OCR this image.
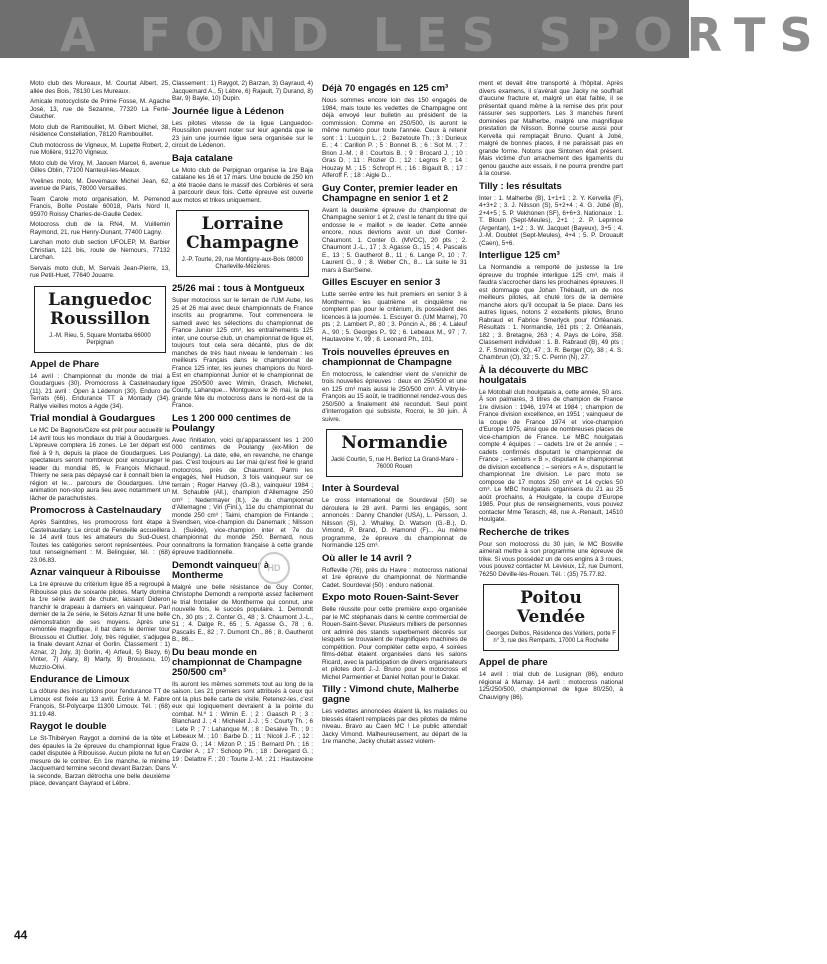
A FOND LES SPORTS

Moto club des Mureaux, M. Courtat Albert, 25, allée des Bois, 78130 Les Mureaux.

Amicale motocycliste de Prime Fosse, M. Agache José, 13, rue de Sezanne, 77320 La Ferté-Gaucher.

Moto club de Rambouillet, M. Gibert Michel, 38, résidence Constellation, 78120 Rambouillet.

Club motocross de Vigneux, M. Lupette Robert, 2, rue Molière, 91270 Vigneux.

Moto club de Viroy, M. Jaouen Marcel, 6, avenue Gilles Oblin, 77100 Nanteuil-les-Meaux.

Yvelines moto, M. Devemaux Michel Jean, 62, avenue de Paris, 78000 Versailles.

Team Carole moto organisation, M. Perrenod Francis, Boîte Postale 60018, Paris Nord II, 95970 Roissy Charles-de-Gaulle Cedex.

Motocross club de la RN4, M. Vuillemin Raymond, 21, rue Henry-Dunant, 77400 Lagny.

Larchan moto club section UFOLEP, M. Barbier Christian, 121 bis, route de Nemours, 77132 Larchan.

Servais moto club, M. Servais Jean-Pierre, 13, rue Petit-Huet, 77640 Jouarre.

Languedoc Roussillon
J.-M. Rieu, 5, Square Montalba 66000 Perpignan
Appel de Phare

14 avril : Championnat du monde de trial à Goudargues (30). Promocross à Castelnaudary (11). 21 avril : Open à Lédenon (30). Enduro de Terrats (66). Endurance TT à Montady (34). Rallye vieilles motos à Agde (34).

Trial mondial à Goudargues

Le MC De Bagnols/Cèze est prêt pour accueillir le 14 avril tous les mondiaux du trial à Goudargues. L'épreuve comptera 16 zones. Le 1er départ est fixé à 9 h, depuis la place de Goudargues. Les spectateurs seront nombreux pour encourager le leader du mondial 85, le François Michaud. Thierry ne sera pas dépaysé car il connaît bien la région et le... parcours de Goudargues. Une animation non-stop aura lieu avec notamment un lâcher de parachutistes.

Promocross à Castelnaudary

Après Saintdres, les promocross font étape à Castelnaudary. Le circuit de Fendeille accueillera le 14 avril tous les amateurs du Sud-Ouest. Toutes les catégories seront représentées. Pour tout renseignement : M. Belinguier, tél. : (68) 23.06.83.

Aznar vainqueur à Ribouisse

La 1re épreuve du critérium ligue 85 a regroupé à Ribouisse plus de soixante pilotes. Marty domina la 1re série avant de chuter, laissant Dideron franchir le drapeau à damiers en vainqueur. Pari dernier de la 2e série, le Sétois Aznar fit une belle démonstration de ses moyens. Après une remontée magnifique, il bat dans le dernier tour Broussou et Cluttier. Joly, très régulier, s'adjugea la finale devant Aznar et Gorlin. Classement : 1) Aznar, 2) Joly, 3) Gorlin, 4) Arfeuil, 5) Blezy, 6) Vinter, 7) Alary, 8) Marty, 9) Broussou, 10) Muzzio-Olivi.

Endurance de Limoux

La clôture des inscriptions pour l'endurance TT de Limoux est fixée au 13 avril. Écrire à M. Fabre François, St-Polycarpe 11300 Limoux. Tél. : (68) 31.19.48.

Raygot le double

Le St-Thibéryen Raygot a dominé de la tête et des épaules la 2e épreuve du championnat ligue cadet disputée à Ribouisse. Aucun pilote ne fut en mesure de le contrer. En 1re manche, le minime Jacquemard termine second devant Barzan. Dans la seconde, Barzan détrocha une belle deuxième place, devançant Gayraud et Lèbre.

Classement : 1) Raygot, 2) Barzan, 3) Gayraud, 4) Jacquemard A., 5) Lèbre, 6) Rajault, 7) Durand, 8) Bar, 9) Bayle, 10) Dupin.

Journée ligue à Lédenon

Les pilotes vitesse de la ligue Languedoc-Roussillon peuvent noter sur leur agenda que le 23 juin une journée ligue sera organisée sur le circuit de Lédenon.

Baja catalane

Le Moto club de Perpignan organise la 1re Baja catalane les 16 et 17 mars. Une boucle de 250 km a été tracée dans le massif des Corbières et sera à parcourir deux fois. Cette épreuve est ouverte aux motos et trikes uniquement.

Lorraine Champagne
J.-P. Tourte, 29, rue Montigny-aux-Bois 08000 Charleville-Mézières
25/26 mai : tous à Montgueux

Super motocross sur le terrain de l'UM Aube, les 25 et 26 mai avec deux championnats de France inscrits au programme. Tout commencera le samedi avec les sélections du championnat de France Junior 125 cm³, les entraînements 125 inter, une course club, un championnat de ligue et, toujours tout cela sera décanté, plus de dix manches de très haut niveau le lendemain : les meilleurs Français dans le championnat de France 125 inter, les jeunes champions du Nord-Est en championnat Junior et le championnat de ligue 250/500 avec Wimin, Grasch, Michelet, Courty, Lahanque... Montgueux le 26 mai, la plus grande fête du motocross dans le nord-est de la France.

Les 1 200 000 centimes de Poulangy

Avec l'initiation, voici qu'apparaissent les 1 200 000 centimes de Poulangy (ex-Milon de Poulangy). La date, elle, en revanche, ne change pas. C'est toujours au 1er mai qu'est fixé le grand motocross, près de Chaumont. Parmi les engagés, Neil Hudson, 3 fois vainqueur sur ce terrain ; Roger Harvey (G.-B.), vainqueur 1984 ; M. Schauble (All.), champion d'Allemagne 250 cm³ ; Nedermayer (It.), 2e du championnat d'Allemagne ; Viri (Finl.), 11e du championnat du monde 250 cm³ ; Taimi, champion de Finlande ; Svendsen, vice-champion du Danemark ; Nilsson J. (Suède), vice-champion inter et 7e du championnat du monde 250. Bernard, nous connaîtrons la formation française à cette grande épreuve traditionnelle.

Demondt vainqueur à Montherme

Malgré une belle résistance de Guy Conter, Christophe Demondt a remporté assez facilement le trial frontalier de Montherme qui connut, une nouvelle fois, le succès populaire. 1. Demondt Ch., 30 pts ; 2. Conter G., 48 ; 3. Chaumont J.-L., 51 ; 4. Dalge R., 65 ; 5. Agasse G., 78 ; 6. Pascalis E., 82 ; 7. Dumont Ch., 86 ; 8. Gautherot B., 86...

Du beau monde en championnat de Champagne 250/500 cm³

Ils auront les mêmes sommets tout au long de la saison. Les 21 premiers sont attribués à ceux qui ont la plus belle carte de visite. Retenez-les, c'est eux qui logiquement devraient à la pointe du combat. N.º 1 : Wimin E. ; 2 : Gaasch P. ; 3 : Blanchard J. ; 4 : Michelet J.-J. ; 5 : Courty Th. ; 6 : Lete P. ; 7 : Lahanque M. ; 8 : Desaive Th. ; 9 : Lebeaux M. ; 10 : Barbe D. ; 11 : Nicoli J.-F. ; 12 : Fraize G. ; 14 : Mizon P. ; 15 : Bernard Ph. ; 16 : Cardier A. ; 17 : Schoop Ph. ; 18 : Deregard G. ; 19 : Delattre F. ; 20 : Tourte J.-M. ; 21 : Hautavoine V.

Déjà 70 engagés en 125 cm³

Nous sommes encore loin des 150 engagés de 1984, mais toute les vedettes de Champagne ont déjà envoyé leur bulletin au président de la commission. Comme en 250/500, ils auront le même numéro pour toute l'année. Ceux à retenir sont : 1 : Lucquin L. ; 2 : Bezetoute Th. ; 3 : Durieux E. ; 4 : Carillon P. ; 5 : Bonnet B. ; 6 : Sot M. ; 7 : Brion J.-M. ; 8 : Courtois B. ; 9 : Brocard J. ; 10 : Gras D. ; 11 : Rozier O. ; 12 : Legros P. ; 14 : Houzay M. ; 15 : Schropf H. ; 16 : Bigault B. ; 17 : Alferoff F. ; 18 : Aigle D...

Guy Conter, premier leader en Champagne en senior 1 et 2

Avant la deuxième épreuve du championnat de Champagne senior 1 et 2, c'est le tenant du titre qui endosse le « maillot » de leader. Cette année encore, nous devrions avoir un duel Conter-Chaumont. 1. Conter G. (MVCC), 20 pts ; 2. Chaumont J.-L., 17 ; 3. Agasse G., 15 ; 4. Pascalis E., 13 ; 5. Gautherot B., 11 ; 6. Lange P., 10 ; 7. Laurent G., 9 ; 8. Weber Ch., 8... La suite le 31 mars à Bar/Seine.

Gilles Escuyer en senior 3

Lutte serrée entre les huit premiers en senior 3 à Montherme. les quatrième et cinquième ne comptent pas pour le critérium, ils possèdent des licences à la journée. 1. Escuyer G. (UM Marne), 70 pts ; 2. Lambert P., 80 ; 3. Poncin A., 86 ; 4. Laleuf A., 90 ; 5. Georges P., 92 ; 6. Lebeaux M., 97 ; 7. Hautavoine Y., 99 ; 8. Leonard Ph., 101.

Trois nouvelles épreuves en championnat de Champagne

En motocross, le calendrier vient de s'enrichir de trois nouvelles épreuves : deux en 250/500 et une en 125 cm³ mais aussi le 250/500 cm³. À Vitry-le-François au 15 août, le traditionnel rendez-vous des 250/500 a finalement été reconduit. Seul point d'interrogation qui subsiste, Rocroi, le 30 juin. À suivre.

Normandie
Jacki Courtin, 5, rue H. Berlioz La Grand-Mare - 76000 Rouen
Inter à Sourdeval

Le cross international de Sourdeval (50) se déroulera le 28 avril. Parmi les engagés, sont annoncés : Danny Chandler (USA), L. Persson, J. Nilsson (S), J. Whalley, D. Watson (G.-B.), D. Vimond, P. Brand, D. Hamond (F)... Au même programme, 2e épreuve du championnat de Normandie 125 cm³.

Où aller le 14 avril ?

Roffeville (76), près du Havre : motocross national et 1re épreuve du championnat de Normandie Cadet. Sourdeval (50) : enduro national.

Expo moto Rouen-Saint-Sever

Belle réussite pour cette première expo organisée par le MC stéphanais dans le centre commercial de Rouen-Saint-Sever. Plusieurs milliers de personnes ont admiré des stands superbement décorés sur lesquels se trouvaient de magnifiques machines de compétition. Pour compléter cette expo, 4 soirées films-débat étaient organisées dans les salons Ricard, avec la participation de divers organisateurs et pilotes dont J.-J. Bruno pour le motocross et Michel Parmentier et Daniel Nollan pour le Dakar.

Tilly : Vimond chute, Malherbe gagne

Les vedettes annoncées étaient là, les malades ou blessés étaient remplacés par des pilotes de même niveau. Bravo au Caen MC ! Le public attendait Jacky Vimond. Malheureusement, au départ de la 1re manche, Jacky chutait assez violem-

ment et devait être transporté à l'hôpital. Après divers examens, il s'avérait que Jacky ne souffrait d'aucune fracture et, malgré un état faible, il se présentait quand même à la remise des prix pour rassurer ses supporters. Les 3 manches furent dominées par Malherbe, malgré une magnifique prestation de Nilsson. Bonne course aussi pour Kervella qui remplaçait Bruno. Quant à Jobé, malgré de bonnes places, il ne paraissait pas en grande forme. Notons que Sintonen était présent. Mais victime d'un arrachement des ligaments du genou gauche aux essais, il ne pourra prendre part à la course.

Tilly : les résultats

Inter : 1. Malherbe (B), 1+1+1 ; 2. Y. Kervella (F), 4+3+2 ; 3. J. Nilsson (S), 5+2+4 ; 4. G. Jobé (B), 2+4+5 ; 5. P. Vekhonen (SF), 6+6+3. Nationaux : 1. T. Blouin (Sept-Meules), 2+1 ; 2. P. Leprince (Argentan), 1+2 ; 3. W. Jacquet (Bayeux), 3+5 ; 4. J.-M. Doublet (Sept-Meules), 4+4 ; 5. P. Drouault (Caen), 5+6.

Interligue 125 cm³

La Normandie a remporté de justesse la 1re épreuve du trophée interligue 125 cm³, mais il faudra s'accrocher dans les prochaines épreuves. Il est dommage que Johan Thébault, un de nos meilleurs pilotes, ait chuté lors de la dernière manche alors qu'il occupait la 5e place. Dans les autres ligues, notons 2 excellents pilotes, Bruno Rabraud et Fabrice Smerlyck pour l'Orléanais. Résultats : 1. Normandie, 161 pts ; 2. Orléanais, 182 ; 3. Bretagne, 263 ; 4. Pays de Loire, 358. Classement individuel : 1. B. Rabraud (B), 49 pts ; 2. F. Smolnick (O), 47 ; 3. R. Berger (O), 38 ; 4. S. Chambrun (O), 32 ; 5. C. Perrin (N), 27.

À la découverte du MBC houlgatais

Le Motoball club houlgatais a, cette année, 50 ans. À son palmarès, 3 titres de champion de France 1re division : 1946, 1974 et 1984 ; champion de France division excellence, en 1951 ; vainqueur de la coupe de France 1974 et vice-champion d'Europe 1975, ainsi que de nombreuses places de vice-champion de France. Le MBC houlgatais compte 4 équipes : – cadets 1re et 2e année ; – cadets confirmés disputant le championnat de France ; – seniors « B », disputant le championnat de division excellence ; – seniors « A », disputant le championnat 1re division. Le parc moto se compose de 17 motos 250 cm³ et 14 cycles 50 cm³. Le MBC houlgatais organisera du 21 au 25 août prochains, à Houlgate, la coupe d'Europe 1985. Pour plus de renseignements, vous pouvez contacter Mme Terasch, 48, rue A.-Renault, 14510 Houlgate.

Recherche de trikes

Pour son motocross du 30 juin, le MC Bosville aimerait mettre à son programme une épreuve de trike. Si vous possédez un de ces engins à 3 roues, vous pouvez contacter M. Levieux, 12, rue Dumont, 76250 Déville-lès-Rouen. Tél. : (35) 75.77.82.

Poitou Vendée
Georges Delbos, Résidence des Voiliers, porte F n° 3, rue des Remparts, 17000 La Rochelle
Appel de phare

14 avril : trial club de Lusignan (86), enduro régional à Marnay. 14 avril : motocross national 125/250/500, championnat de ligue 80/250, à Chauvigny (86).

HD
44
